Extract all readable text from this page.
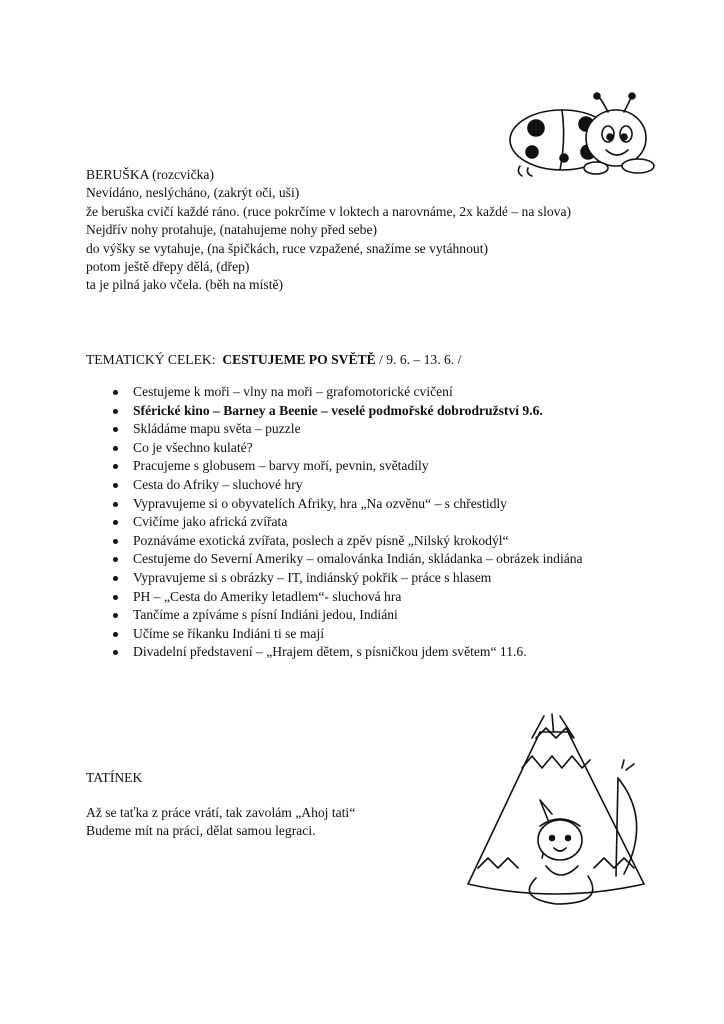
BERUŠKA (rozcvička)
Nevídáno, neslýcháno, (zakrýt oči, uši)
že beruška cvičí každé ráno. (ruce pokrčíme v loktech a narovnáme, 2x každé – na slova)
Nejdřív nohy protahuje, (natahujeme nohy před sebe)
do výšky se vytahuje, (na špičkách, ruce vzpažené, snažíme se vytáhnout)
potom ještě dřepy dělá, (dřep)
ta je pilná jako včela. (běh na místě)
TEMATICKÝ CELEK: CESTUJEME PO SVĚTĚ / 9. 6. – 13. 6. /
Cestujeme k moři – vlny na moři – grafomotorické cvičení
Sférické kino – Barney a Beenie – veselé podmořské dobrodružství 9.6.
Skládáme mapu světa – puzzle
Co je všechno kulaté?
Pracujeme s globusem – barvy moří, pevnin, světadíly
Cesta do Afriky – sluchové hry
Vypravujeme si o obyvatelích Afriky, hra „Na ozvěnu“ – s chřestidly
Cvičíme jako africká zvířata
Poznáváme exotická zvířata, poslech a zpěv písně „Nilský krokodýl“
Cestujeme do Severní Ameriky – omalovánka Indián, skládanka – obrázek indiána
Vypravujeme si s obrázky – IT, indiánský pokřik – práce s hlasem
PH – „Cesta do Ameriky letadlem“- sluchová hra
Tančíme a zpíváme s písní Indiáni jedou, Indiáni
Učíme se říkanku Indiáni ti se mají
Divadelní představení – „Hrajem dětem, s písničkou jdem světem“ 11.6.
TATÍNEK
Až se taťka z práce vrátí, tak zavolám „Ahoj tati“
Budeme mít na práci, dělat samou legraci.
